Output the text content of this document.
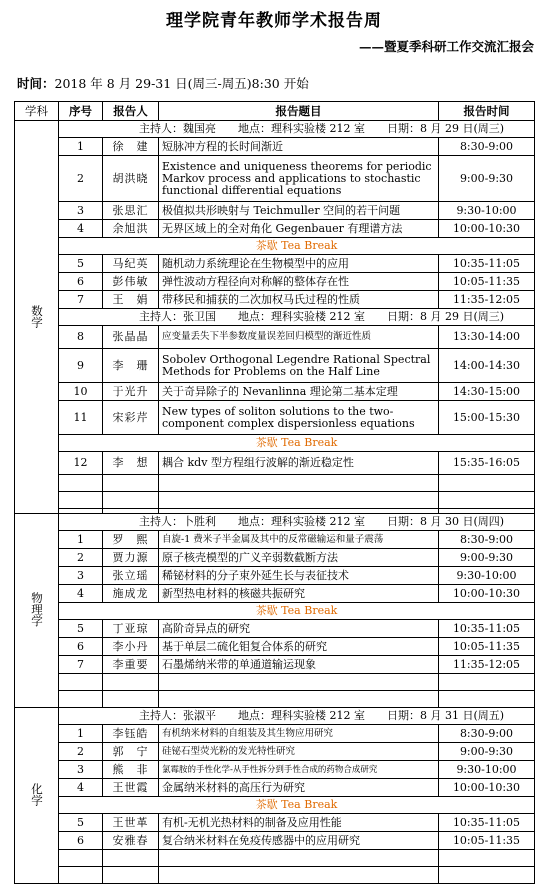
理学院青年教师学术报告周
——暨夏季科研工作交流汇报会
时间：2018 年 8 月 29-31 日(周三-周五)8:30 开始
学科	序号	报告人	报告题目	报告时间
数学	主持人：魏国亮　　地点：理科实验楼 212 室　　日期：8 月 29 日(周三)			
	1	徐　建	短脉冲方程的长时间渐近	8:30-9:00
	2	胡洪晓	Existence and uniqueness theorems for periodic Markov process and applications to stochastic functional differential equations	9:00-9:30
	3	张思汇	极值拟共形映射与 Teichmuller 空间的若干问题	9:30-10:00
	4	余旭洪	无界区域上的全对角化 Gegenbauer 有理谱方法	10:00-10:30
	茶歇 Tea Break			
	5	马纪英	随机动力系统理论在生物模型中的应用	10:35-11:05
	6	彭伟敏	弹性波动方程径向对称解的整体存在性	10:05-11:35
	7	王　娟	带移民和捕获的二次加权马氏过程的性质	11:35-12:05
	主持人：张卫国　　地点：理科实验楼 212 室　　日期：8 月 29 日(周三)			
	8	张晶晶	应变量丢失下半参数度量误差回归模型的渐近性质	13:30-14:00
	9	李　珊	Sobolev Orthogonal Legendre Rational Spectral Methods for Problems on the Half Line	14:00-14:30
	10	于光升	关于奇异除子的 Nevanlinna 理论第二基本定理	14:30-15:00
	11	宋彩芹	New types of soliton solutions to the two-component complex dispersionless equations	15:00-15:30
	茶歇 Tea Break			
	12	李　想	耦合 kdv 型方程组行波解的渐近稳定性	15:35-16:05

物理学	主持人：卜胜利　　地点：理科实验楼 212 室　　日期：8 月 30 日(周四)			
	1	罗　熙	自旋-1 费米子半金属及其中的反常磁输运和量子震荡	8:30-9:00
	2	贾力源	原子核壳模型的广义辛弱数截断方法	9:00-9:30
	3	张立瑶	稀铋材料的分子束外延生长与表征技术	9:30-10:00
	4	施成龙	新型热电材料的核磁共振研究	10:00-10:30
	茶歇 Tea Break			
	5	丁亚琼	高阶奇异点的研究	10:35-11:05
	6	李小丹	基于单层二硫化钼复合体系的研究	10:05-11:35
	7	李重要	石墨烯纳米带的单通道输运现象	11:35-12:05

化学	主持人：张淑平　　地点：理科实验楼 212 室　　日期：8 月 31 日(周五)			
	1	李钰皓	有机纳米材料的自组装及其生物应用研究	8:30-9:00
	2	郭　宁	硅铋石型荧光粉的发光特性研究	9:00-9:30
	3	熊　非	氯霉胺的手性化学-从手性拆分到手性合成的药物合成研究	9:30-10:00
	4	王世霞	金属纳米材料的高压行为研究	10:00-10:30
	茶歇 Tea Break			
	5	王世革	有机-无机光热材料的制备及应用性能	10:35-11:05
	6	安雅春	复合纳米材料在免疫传感器中的应用研究	10:05-11:35
